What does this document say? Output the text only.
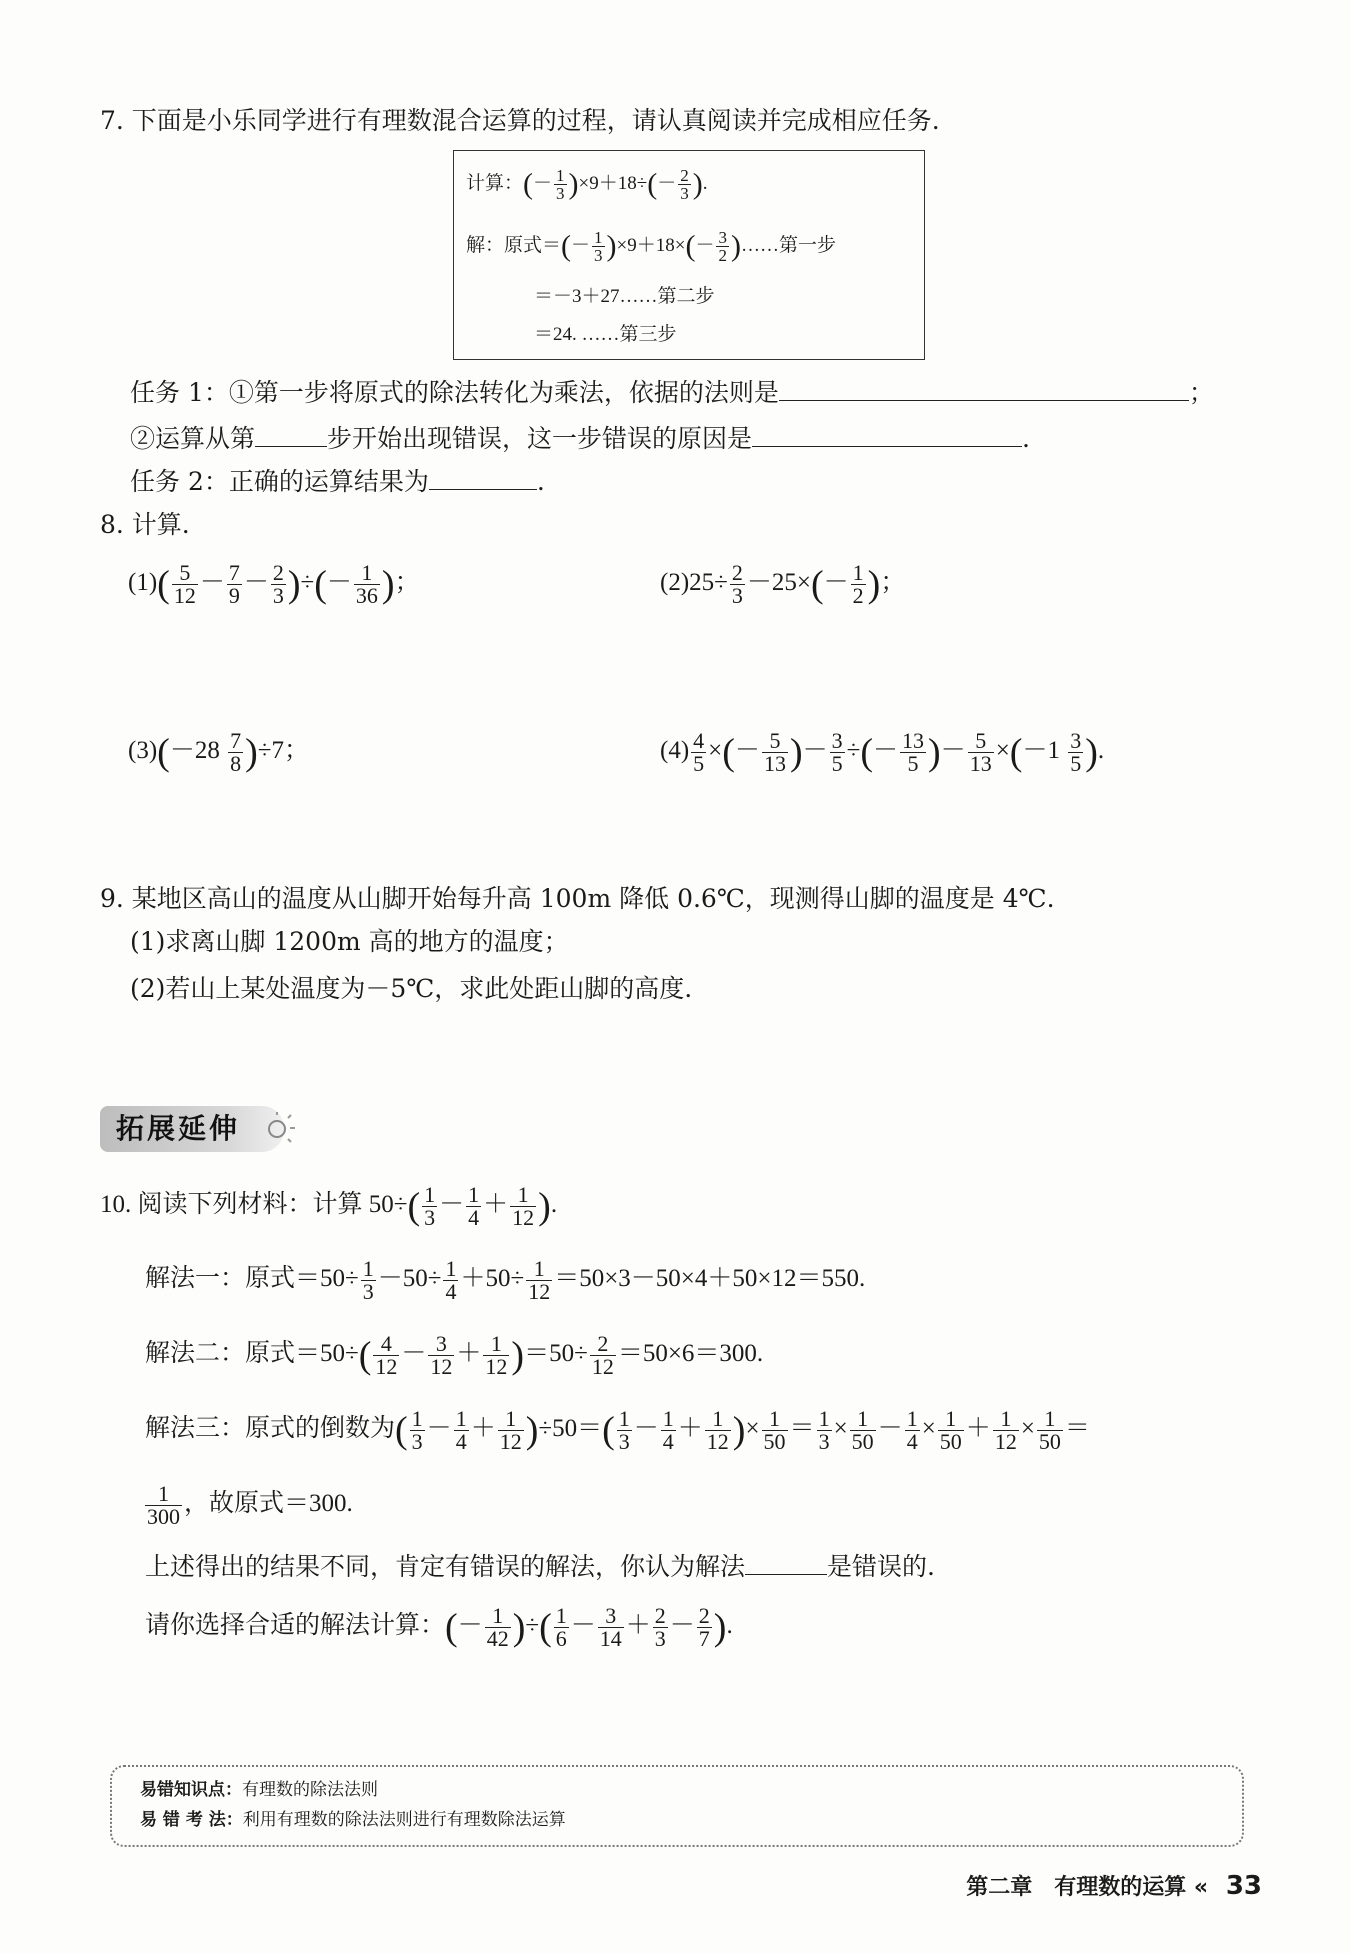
7. 下面是小乐同学进行有理数混合运算的过程，请认真阅读并完成相应任务.
计算：(－ $\frac{1}{3} )\times 9+18\div(- \frac{2}{3}$ ).
解：原式＝(－ $\frac{1}{3} )\times 9+18\times(- \frac{3}{2}$ )……第一步
＝－3＋27……第二步
＝24. ……第三步
任务 1：①第一步将原式的除法转化为乘法，依据的法则是	；
②运算从第	步开始出现错误，这一步错误的原因是	.
任务 2：正确的运算结果为	.
8. 计算.
$(1)( \frac{5}{12} - \frac{7}{9} - \frac{2}{3}$ )÷(－ $\frac{1}{36}$ )；	$(2)25\div \frac{2}{3} -25\times(- \frac{1}{2}$ )；
$(3)(-28 \frac{7}{8} )\div 7$；	$(4) \frac{4}{5}$ ×(－ $\frac{5}{13}$ )－ $\frac{3}{5}$ ÷(－ $\frac{13}{5}$ )－ $\frac{5}{13} \times(-1 \frac{3}{5}$ ).
9. 某地区高山的温度从山脚开始每升高 100m 降低 0.6℃，现测得山脚的温度是 4℃.
(1)求离山脚 1200m 高的地方的温度；
(2)若山上某处温度为－5℃，求此处距山脚的高度.
拓展延伸
10. 阅读下列材料：计算 $50\div( \frac{1}{3} - \frac{1}{4} + \frac{1}{12}$ ).
解法一：原式$=50\div \frac{1}{3} -50\div \frac{1}{4} +50\div \frac{1}{12} =50\times 3-50\times 4+50\times 12=550$.
解法二：原式$=50\div( \frac{4}{12} - \frac{3}{12} + \frac{1}{12} )=50\div \frac{2}{12} =50\times 6=300$.
解法三：原式的倒数为( $\frac{1}{3} - \frac{1}{4} + \frac{1}{12} )\div 50=( \frac{1}{3} - \frac{1}{4} + \frac{1}{12}$ )× $\frac{1}{50} = \frac{1}{3} \times \frac{1}{50} - \frac{1}{4} \times \frac{1}{50} + \frac{1}{12} \times \frac{1}{50}$ ＝
$\frac{1}{300}$ ，故原式＝300.
上述得出的结果不同，肯定有错误的解法，你认为解法	是错误的.
请你选择合适的解法计算：(－ $\frac{1}{42}$ )÷( $\frac{1}{6} - \frac{3}{14} + \frac{2}{3} - \frac{2}{7}$ ).
易错知识点：有理数的除法法则
易 错 考 法：利用有理数的除法法则进行有理数除法运算
第二章　有理数的运算 « 33
